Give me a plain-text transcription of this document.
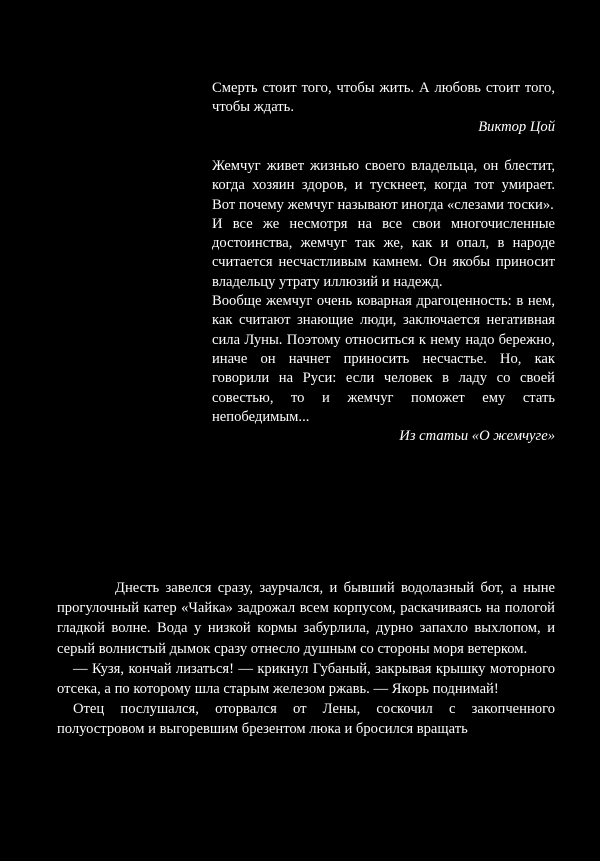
Смерть стоит того, чтобы жить. А любовь стоит того, чтобы ждать.

Виктор Цой

Жемчуг живет жизнью своего владельца, он блестит, когда хозяин здоров, и тускнеет, когда тот умирает. Вот почему жемчуг называют иногда «слезами тоски».

И все же несмотря на все свои многочисленные достоинства, жемчуг так же, как и опал, в народе считается несчастливым камнем. Он якобы приносит владельцу утрату иллюзий и надежд.

Вообще жемчуг очень коварная драгоценность: в нем, как считают знающие люди, заключается негативная сила Луны. Поэтому относиться к нему надо бережно, иначе он начнет приносить несчастье. Но, как говорили на Руси: если человек в ладу со своей совестью, то и жемчуг поможет ему стать непобедимым...

Из статьи «О жемчуге»

Днесть завелся сразу, заурчался, и бывший водолазный бот, а ныне прогулочный катер «Чайка» задрожал всем корпусом, раскачиваясь на пологой гладкой волне. Вода у низкой кормы забурлила, дурно запахло выхлопом, и серый волнистый дымок сразу отнесло душным со стороны моря ветерком.

— Кузя, кончай лизаться! — крикнул Губаный, закрывая крышку моторного отсека, а по которому шла старым железом ржавь. — Якорь поднимай!

Отец послушался, оторвался от Лены, соскочил с закопченного полуостровом и выгоревшим брезентом люка и бросился вращать
